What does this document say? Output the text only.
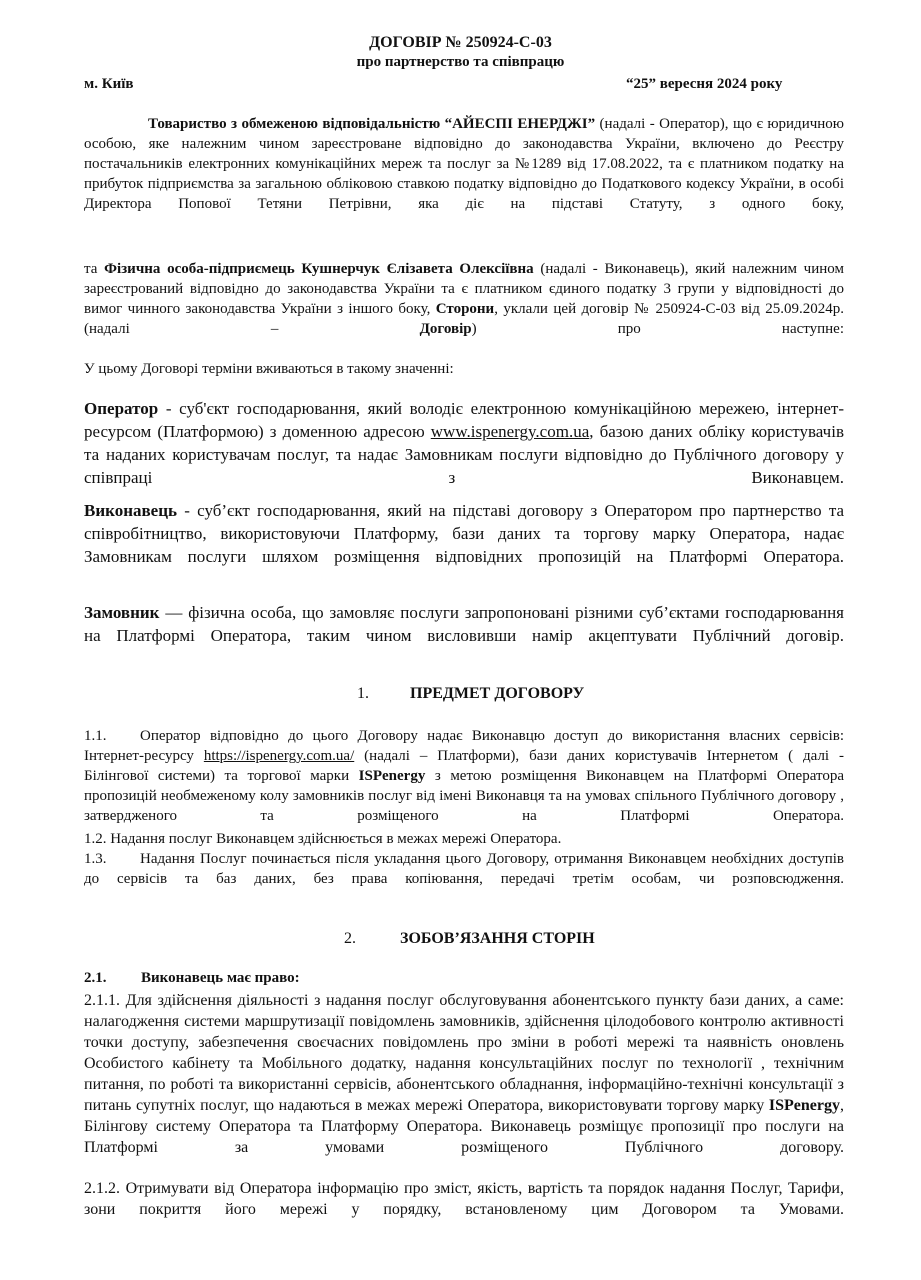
ДОГОВІР № 250924-С-03
про партнерство та співпрацю
м. Київ	“25” вересня 2024 року
Товариство з обмеженою відповідальністю “АЙЕСПІ ЕНЕРДЖІ” (надалі - Оператор), що є юридичною особою, яке належним чином зареєстроване відповідно до законодавства України, включено до Реєстру постачальників електронних комунікаційних мереж та послуг за №1289 від 17.08.2022, та є платником податку на прибуток підприємства за загальною обліковою ставкою податку відповідно до Податкового кодексу України, в особі Директора Попової Тетяни Петрівни, яка діє на підставі Статуту, з одного боку,
та Фізична особа-підприємець Кушнерчук Єлізавета Олексіївна (надалі - Виконавець), який належним чином зареєстрований відповідно до законодавства України та є платником єдиного податку 3 групи у відповідності до вимог чинного законодавства України з іншого боку, Сторони, уклали цей договір № 250924-С-03 від 25.09.2024р. (надалі – Договір) про наступне:
У цьому Договорі терміни вживаються в такому значенні:
Оператор - суб'єкт господарювання, який володіє електронною комунікаційною мережею, інтернет-ресурсом (Платформою) з доменною адресою www.ispenergy.com.ua, базою даних обліку користувачів та наданих користувачам послуг, та надає Замовникам послуги відповідно до Публічного договору у співпраці з Виконавцем.
Виконавець - суб’єкт господарювання, який на підставі договору з Оператором про партнерство та співробітництво, використовуючи Платформу, бази даних та торгову марку Оператора, надає Замовникам послуги шляхом розміщення відповідних пропозицій на Платформі Оператора.
Замовник — фізична особа, що замовляє послуги запропоновані різними суб’єктами господарювання на Платформі Оператора, таким чином висловивши намір акцептувати Публічний договір.
1.	ПРЕДМЕТ ДОГОВОРУ
1.1. Оператор відповідно до цього Договору надає Виконавцю доступ до використання власних сервісів: Інтернет-ресурсу https://ispenergy.com.ua/ (надалі – Платформи), бази даних користувачів Інтернетом ( далі - Білінгової системи) та торгової марки ISPenergy з метою розміщення Виконавцем на Платформі Оператора пропозицій необмеженому колу замовників послуг від імені Виконавця та на умовах спільного Публічного договору , затвердженого та розміщеного на Платформі Оператора.
1.2. Надання послуг Виконавцем здійснюється в межах мережі Оператора.
1.3. Надання Послуг починається після укладання цього Договору, отримання Виконавцем необхідних доступів до сервісів та баз даних, без права копіювання, передачі третім особам, чи розповсюдження.
2.	ЗОБОВ’ЯЗАННЯ СТОРІН
2.1. Виконавець має право:
2.1.1. Для здійснення діяльності з надання послуг обслуговування абонентського пункту бази даних, а саме: налагодження системи маршрутизації повідомлень замовників, здійснення цілодобового контролю активності точки доступу, забезпечення своєчасних повідомлень про зміни в роботі мережі та наявність оновлень Особистого кабінету та Мобільного додатку, надання консультаційних послуг по технології , технічним питання, по роботі та використанні сервісів, абонентського обладнання, інформаційно-технічні консультації з питань супутніх послуг, що надаються в межах мережі Оператора, використовувати торгову марку ISPenergy, Білінгову систему Оператора та Платформу Оператора. Виконавець розміщує пропозиції про послуги на Платформі за умовами розміщеного Публічного договору.
2.1.2. Отримувати від Оператора інформацію про зміст, якість, вартість та порядок надання Послуг, Тарифи, зони покриття його мережі у порядку, встановленому цим Договором та Умовами.
